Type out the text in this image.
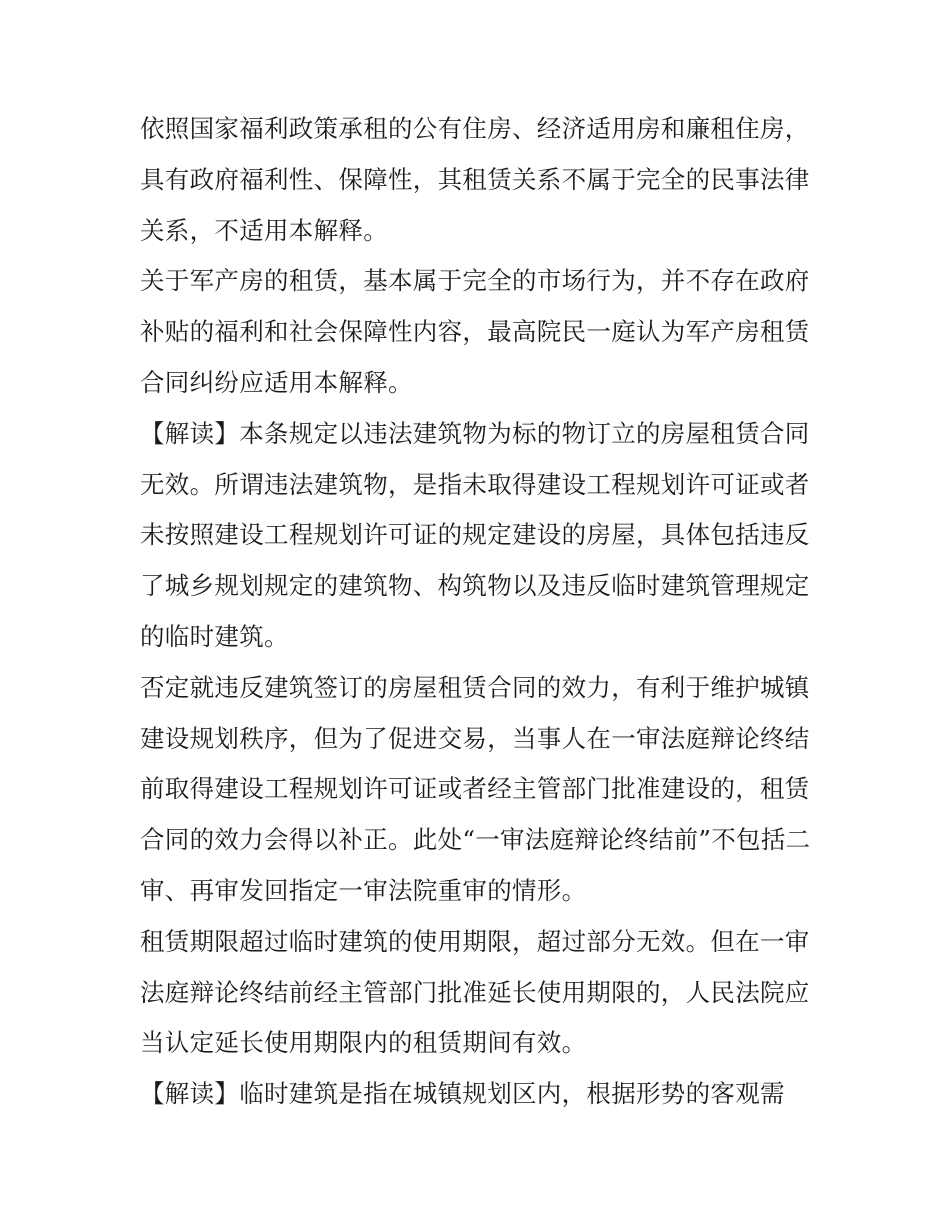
依照国家福利政策承租的公有住房、经济适用房和廉租住房，
具有政府福利性、保障性，其租赁关系不属于完全的民事法律
关系，不适用本解释。
关于军产房的租赁，基本属于完全的市场行为，并不存在政府
补贴的福利和社会保障性内容，最高院民一庭认为军产房租赁
合同纠纷应适用本解释。
【解读】本条规定以违法建筑物为标的物订立的房屋租赁合同
无效。所谓违法建筑物，是指未取得建设工程规划许可证或者
未按照建设工程规划许可证的规定建设的房屋，具体包括违反
了城乡规划规定的建筑物、构筑物以及违反临时建筑管理规定
的临时建筑。
否定就违反建筑签订的房屋租赁合同的效力，有利于维护城镇
建设规划秩序，但为了促进交易，当事人在一审法庭辩论终结
前取得建设工程规划许可证或者经主管部门批准建设的，租赁
合同的效力会得以补正。此处“一审法庭辩论终结前”不包括二
审、再审发回指定一审法院重审的情形。
租赁期限超过临时建筑的使用期限，超过部分无效。但在一审
法庭辩论终结前经主管部门批准延长使用期限的，人民法院应
当认定延长使用期限内的租赁期间有效。
【解读】临时建筑是指在城镇规划区内，根据形势的客观需
